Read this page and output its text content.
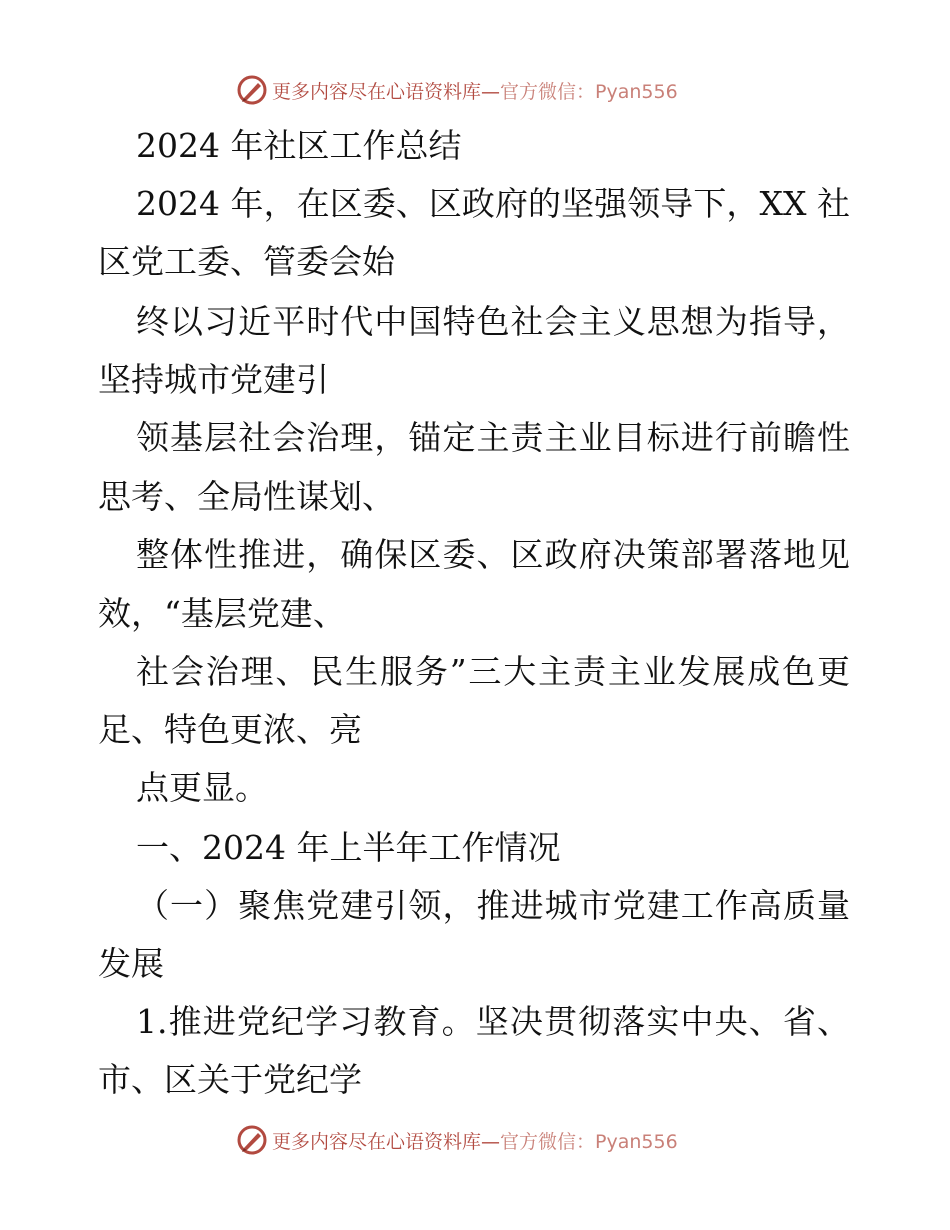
更多内容尽在心语资料库—官方微信：Pyan556
2024 年社区工作总结
2024 年，在区委、区政府的坚强领导下，XX 社
区党工委、管委会始
终以习近平时代中国特色社会主义思想为指导，
坚持城市党建引
领基层社会治理，锚定主责主业目标进行前瞻性
思考、全局性谋划、
整体性推进，确保区委、区政府决策部署落地见
效，“基层党建、
社会治理、民生服务”三大主责主业发展成色更
足、特色更浓、亮
点更显。
一、2024 年上半年工作情况
（一）聚焦党建引领，推进城市党建工作高质量
发展
1.推进党纪学习教育。坚决贯彻落实中央、省、
市、区关于党纪学
更多内容尽在心语资料库—官方微信：Pyan556
